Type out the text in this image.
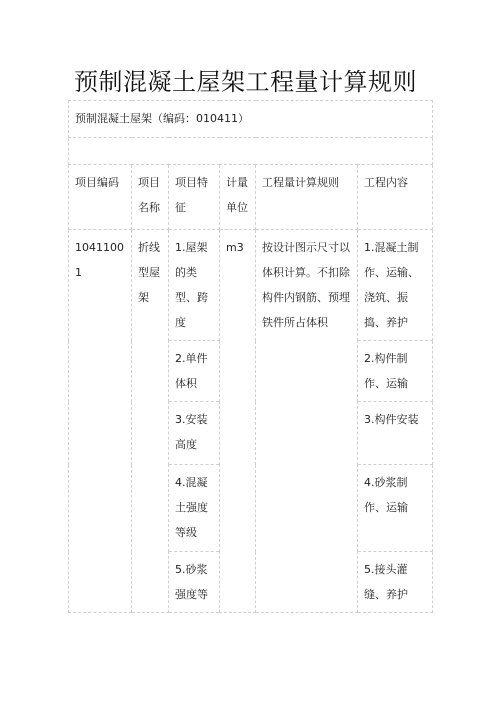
预制混凝土屋架工程量计算规则
预制混凝土屋架（编码：010411）					

项目编码	项目名称	项目特征	计量单位	工程量计算规则	工程内容
10411001	折线型屋架	1.屋架的类型、跨度	m3	按设计图示尺寸以体积计算。不扣除构件内钢筋、预埋铁件所占体积	1.混凝土制作、运输、浇筑、振捣、养护
		2.单件体积			2.构件制作、运输
		3.安装高度			3.构件安装
		4.混凝土强度等级			4.砂浆制作、运输
		5.砂浆强度等			5.接头灌缝、养护
